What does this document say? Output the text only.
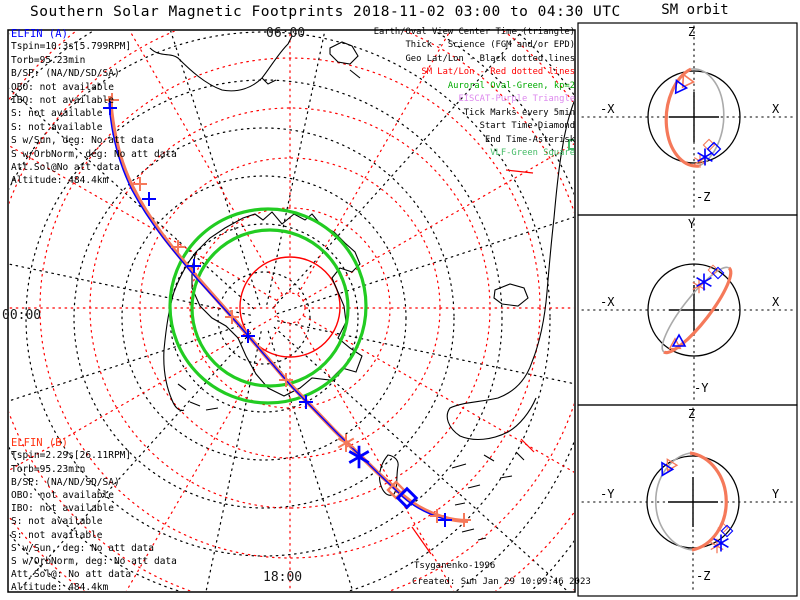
Southern Solar Magnetic Footprints 2018-11-02 03:00 to 04:30 UTC	SM orbit
06:00
00:00
18:00
ELFIN (A)
Tspin=10.3s[5.799RPM]
Torb=95.23min
B/SP: (NA/ND/SD/SA)
OBO: not available
IBO: not available
S: not available
S: not available
S w/Sun, deg: No att data
S w/OrbNorm, deg: No att data
Att.Sol@No att data
Altitude: 484.4km
ELFIN (B)
Tspin=2.29s[26.11RPM]
Torb=95.23min
B/SP: (NA/ND/SD/SA)
OBO: not available
IBO: not available
S: not available
S: not available
S w/Sun, deg: No att data
S w/OrbNorm, deg: No att data
Att.Sol@: No att data
Altitude: 484.4km
Earth/Oval View Center Time (triangle)
Thick - Science (FGM and/or EPD)
Geo Lat/Lon - Black dotted lines
SM Lat/Lon - Red dotted lines
Auroral Oval-Green, kp=2
EISCAT-Purple Triangle
Tick Marks every 5min
Start Time-Diamond
End Time-Asterisk
VLF-Green Square
Tsyganenko-1996
Created: Sun Jan 29 10:09:46 2023
Z
-X	X
-Z
Y
-X	X
-Y
Z
-Y	Y
-Z
